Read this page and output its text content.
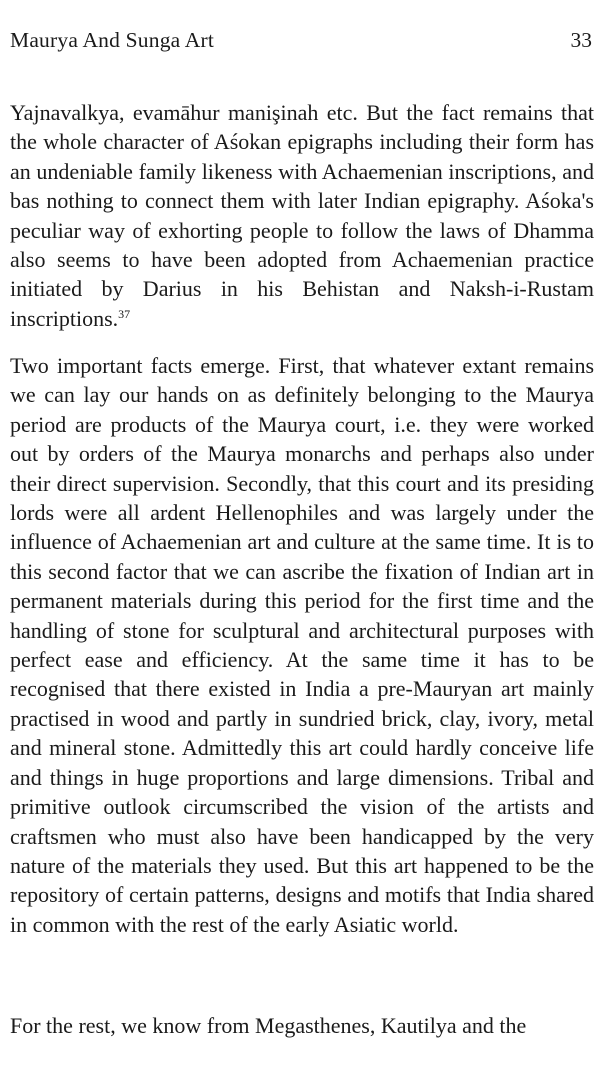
Maurya And Sunga Art	33

Yajnavalkya, evamāhur manişinah etc. But the fact remains that the whole character of Aśokan epigraphs including their form has an undeniable family likeness with Achaemenian inscriptions, and bas nothing to connect them with later Indian epigraphy. Aśoka's peculiar way of exhorting people to follow the laws of Dhamma also seems to have been adopted from Achaemenian practice initiated by Darius in his Behistan and Naksh-i-Rustam inscriptions.$^{37}$

Two important facts emerge. First, that whatever extant remains we can lay our hands on as definitely belonging to the Maurya period are products of the Maurya court, i.e. they were worked out by orders of the Maurya monarchs and perhaps also under their direct supervision. Secondly, that this court and its presiding lords were all ardent Hellenophiles and was largely under the influence of Achaemenian art and culture at the same time. It is to this second factor that we can ascribe the fixation of Indian art in permanent materials during this period for the first time and the handling of stone for sculptural and architectural purposes with perfect ease and efficiency. At the same time it has to be recognised that there existed in India a pre-Mauryan art mainly practised in wood and partly in sundried brick, clay, ivory, metal and mineral stone. Admittedly this art could hardly conceive life and things in huge proportions and large dimensions. Tribal and primitive outlook circumscribed the vision of the artists and craftsmen who must also have been handicapped by the very nature of the materials they used. But this art happened to be the repository of certain patterns, designs and motifs that India shared in common with the rest of the early Asiatic world.

For the rest, we know from Megasthenes, Kautilya and the
